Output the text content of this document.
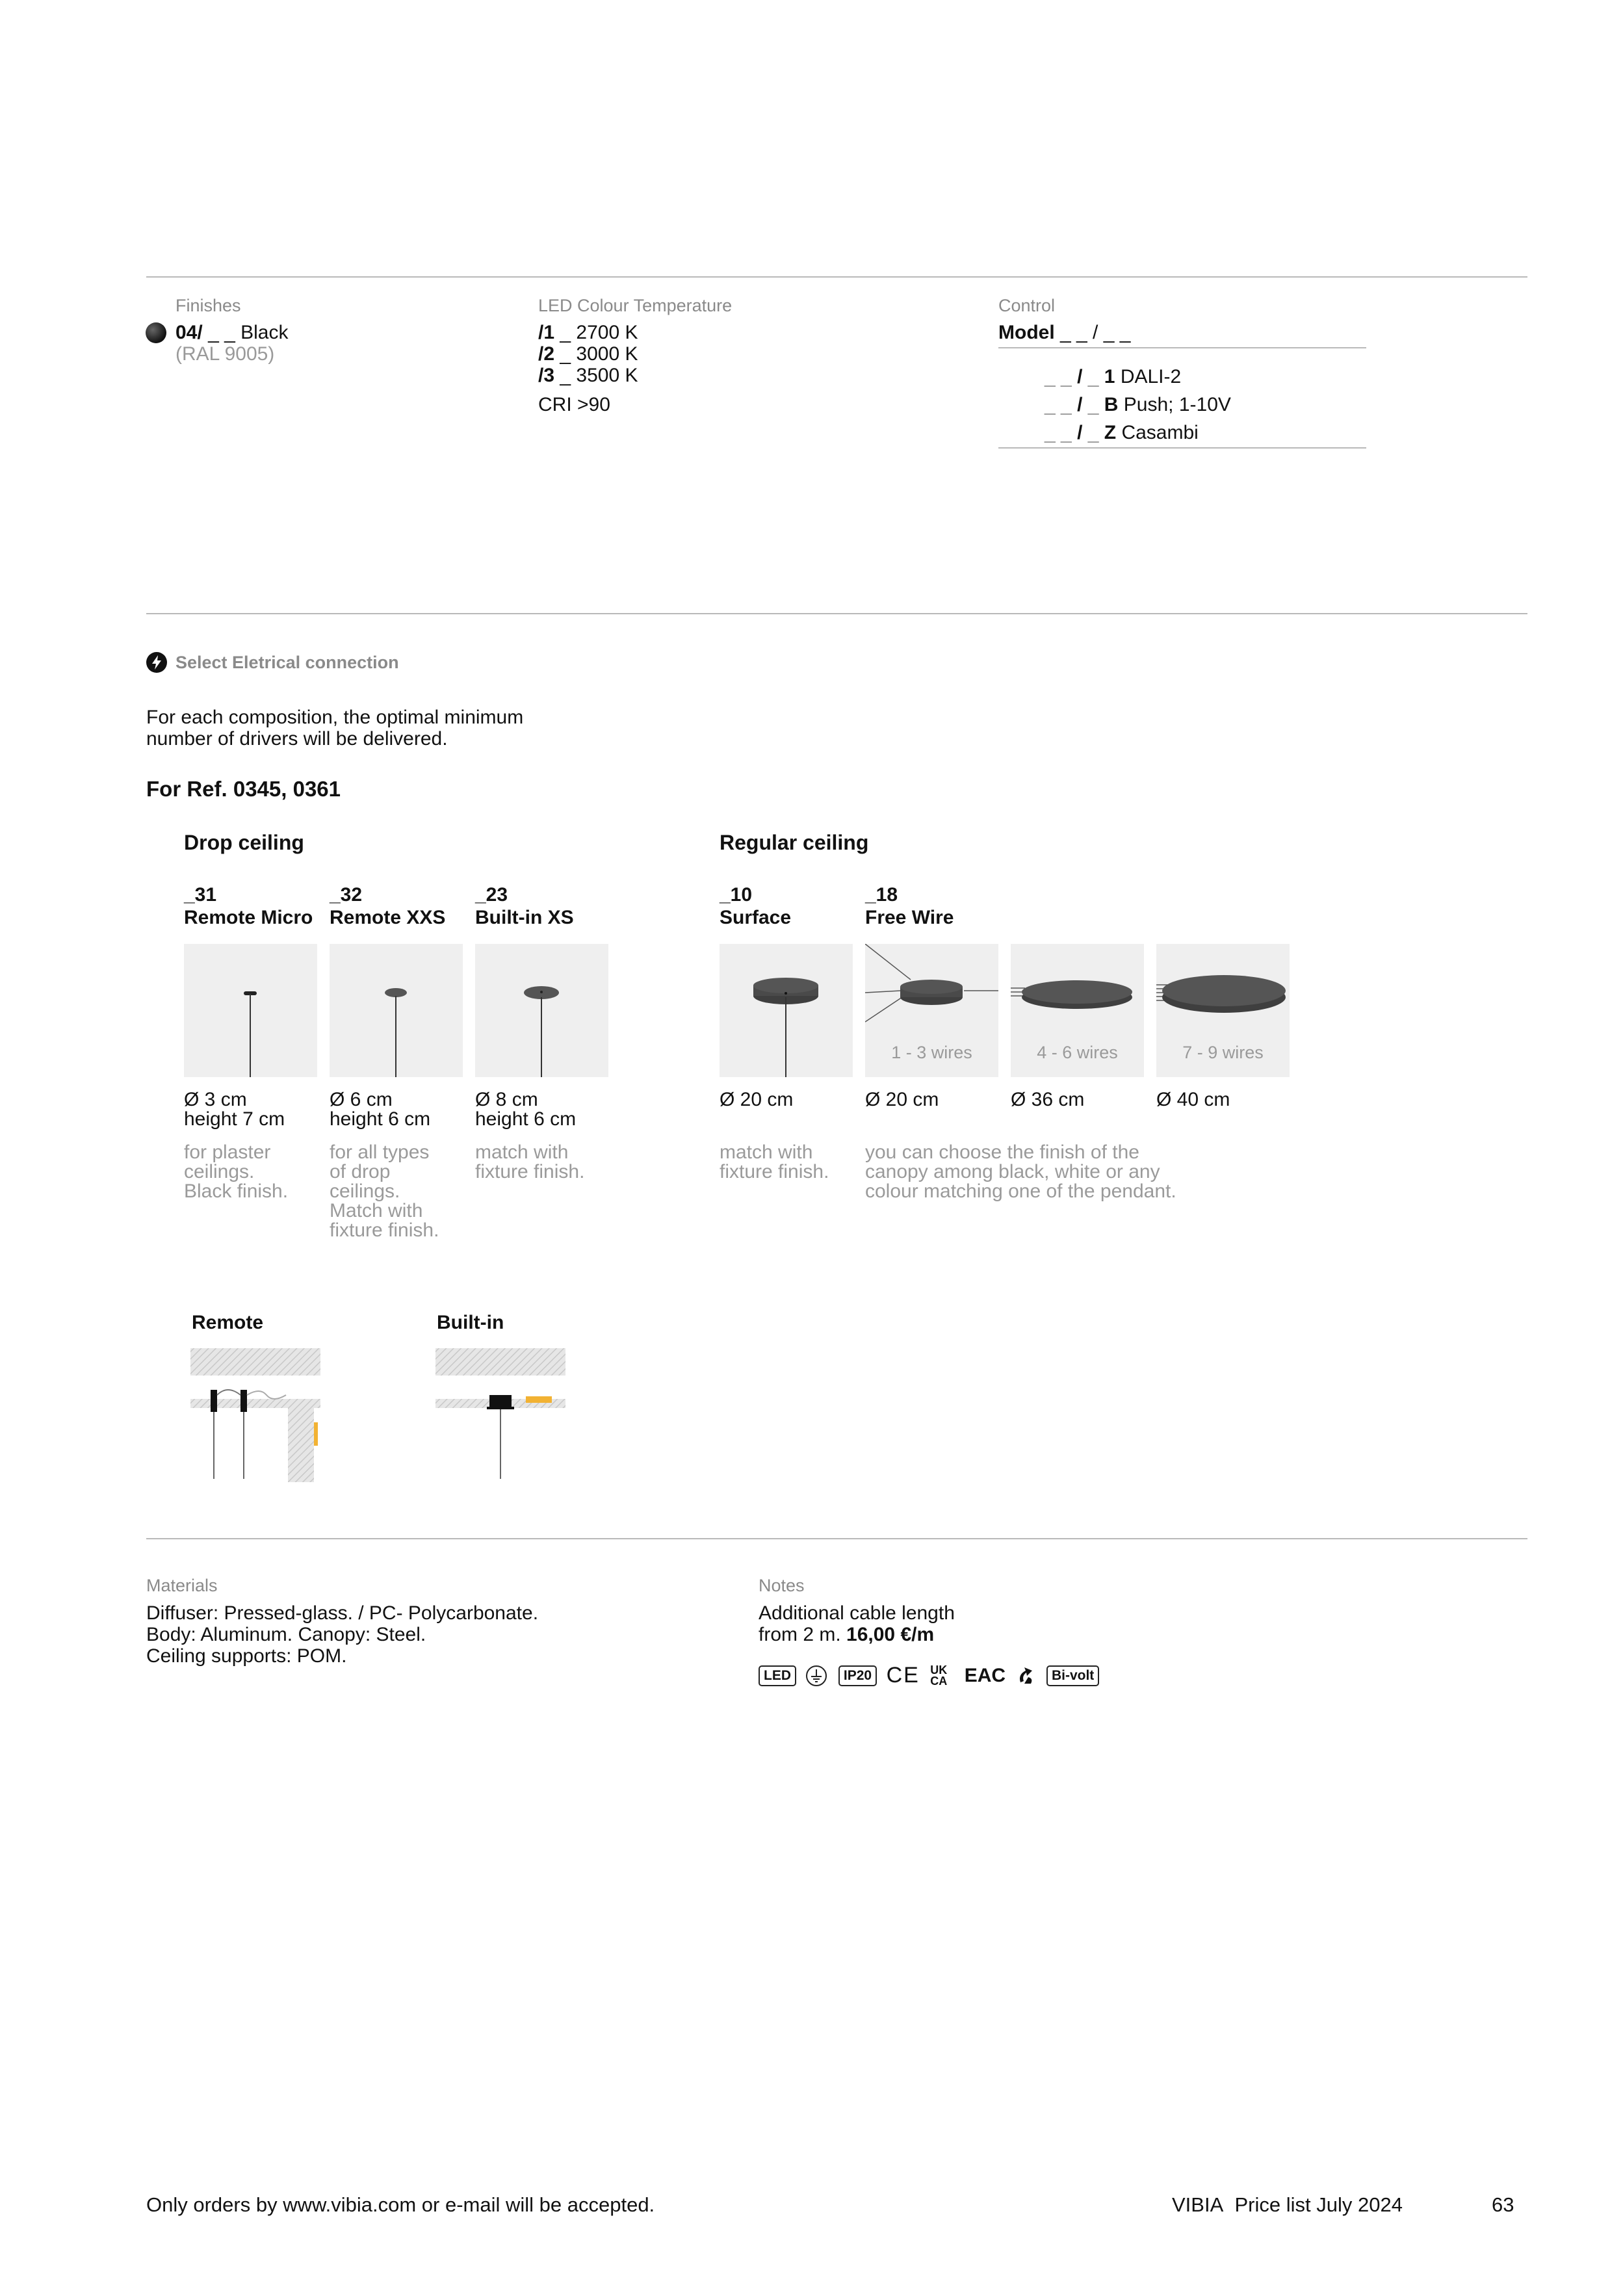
Finishes
04/ _ _ Black
(RAL 9005)
LED Colour Temperature
/1 _ 2700 K
/2 _ 3000 K
/3 _ 3500 K
CRI >90
Control
Model _ _ / _ _
_ _ / _ 1 DALI-2
_ _ / _ B Push; 1-10V
_ _ / _ Z Casambi
Select Eletrical connection
For each composition, the optimal minimum
number of drivers will be delivered.
For Ref. 0345, 0361
Drop ceiling
_31
Remote Micro
_32
Remote XXS
_23
Built-in XS
Ø 3 cm
height 7 cm
Ø 6 cm
height 6 cm
Ø 8 cm
height 6 cm
for plaster
ceilings.
Black finish.
for all types
of drop
ceilings.
Match with
fixture finish.
match with
fixture finish.
Regular ceiling
_10
Surface
_18
Free Wire
1 - 3 wires	4 - 6 wires	7 - 9 wires
Ø 20 cm	Ø 20 cm	Ø 36 cm	Ø 40 cm
match with
fixture finish.
you can choose the finish of the
canopy among black, white or any
colour matching one of the pendant.
Remote	Built-in
Materials
Diffuser: Pressed-glass. / PC- Polycarbonate.
Body: Aluminum. Canopy: Steel.
Ceiling supports: POM.
Notes
Additional cable length
from 2 m. 16,00 €/m
LED	IP20 CE UK CA EAC	Bi-volt
Only orders by www.vibia.com or e-mail will be accepted.	VIBIA Price list July 2024	63
